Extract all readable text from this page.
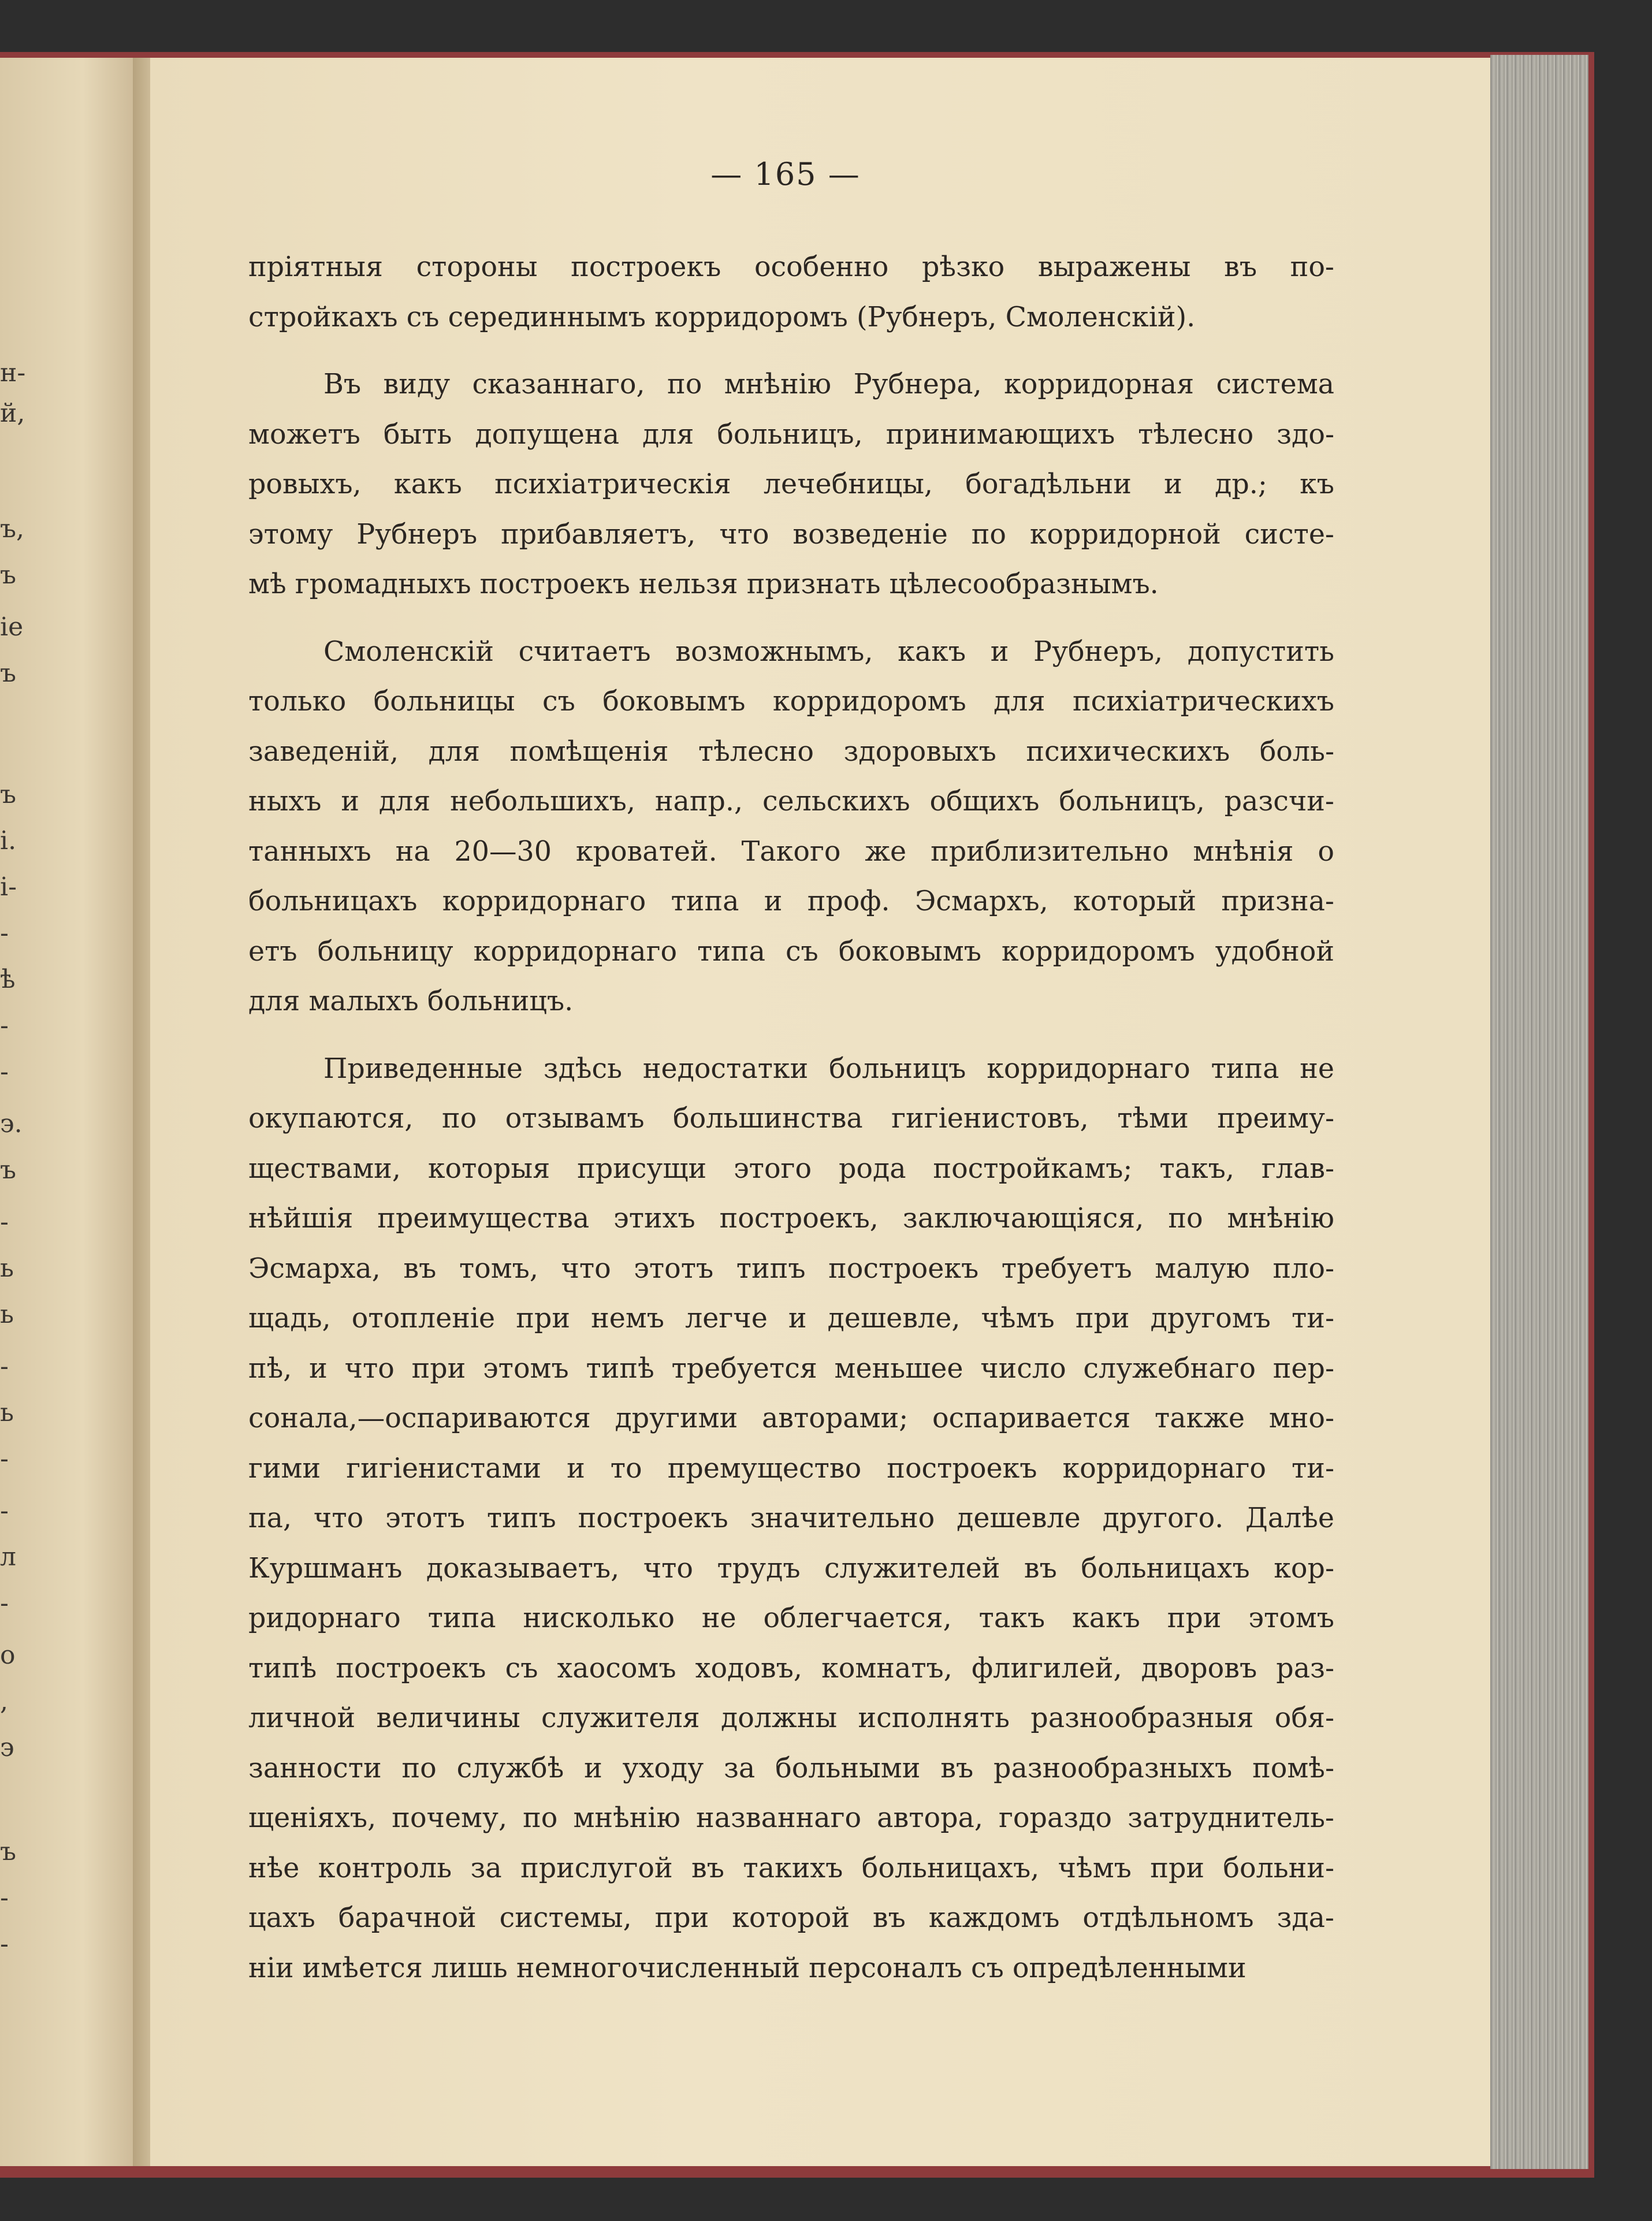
н-
й,
ъ,
ъ
іе
ъ
ъ
і.
і-
-
ѣ
-
-
э.
ъ
-
ь
ь
-
ь
-
-
л
-
о
,
э
ъ
-
-
— 165 —
пріятныя стороны построекъ особенно рѣзко выражены въ по-
стройкахъ съ серединнымъ корридоромъ (Рубнеръ, Смоленскій).
Въ виду сказаннаго, по мнѣнію Рубнера, корридорная система
можетъ быть допущена для больницъ, принимающихъ тѣлесно здо-
ровыхъ, какъ психіатрическія лечебницы, богадѣльни и др.; къ
этому Рубнеръ прибавляетъ, что возведеніе по корридорной систе-
мѣ громадныхъ построекъ нельзя признать цѣлесообразнымъ.
Смоленскій считаетъ возможнымъ, какъ и Рубнеръ, допустить
только больницы съ боковымъ корридоромъ для психіатрическихъ
заведеній, для помѣщенія тѣлесно здоровыхъ психическихъ боль-
ныхъ и для небольшихъ, напр., сельскихъ общихъ больницъ, разсчи-
танныхъ на 20—30 кроватей. Такого же приблизительно мнѣнія о
больницахъ корридорнаго типа и проф. Эсмархъ, который призна-
етъ больницу корридорнаго типа съ боковымъ корридоромъ удобной
для малыхъ больницъ.
Приведенные здѣсь недостатки больницъ корридорнаго типа не
окупаются, по отзывамъ большинства гигіенистовъ, тѣми преиму-
ществами, которыя присущи этого рода постройкамъ; такъ, глав-
нѣйшія преимущества этихъ построекъ, заключающіяся, по мнѣнію
Эсмарха, въ томъ, что этотъ типъ построекъ требуетъ малую пло-
щадь, отопленіе при немъ легче и дешевле, чѣмъ при другомъ ти-
пѣ, и что при этомъ типѣ требуется меньшее число служебнаго пер-
сонала,—оспариваются другими авторами; оспаривается также мно-
гими гигіенистами и то премущество построекъ корридорнаго ти-
па, что этотъ типъ построекъ значительно дешевле другого. Далѣе
Куршманъ доказываетъ, что трудъ служителей въ больницахъ кор-
ридорнаго типа нисколько не облегчается, такъ какъ при этомъ
типѣ построекъ съ хаосомъ ходовъ, комнатъ, флигилей, дворовъ раз-
личной величины служителя должны исполнять разнообразныя обя-
занности по службѣ и уходу за больными въ разнообразныхъ помѣ-
щеніяхъ, почему, по мнѣнію названнаго автора, гораздо затруднитель-
нѣе контроль за прислугой въ такихъ больницахъ, чѣмъ при больни-
цахъ барачной системы, при которой въ каждомъ отдѣльномъ зда-
ніи имѣется лишь немногочисленный персоналъ съ опредѣленными
